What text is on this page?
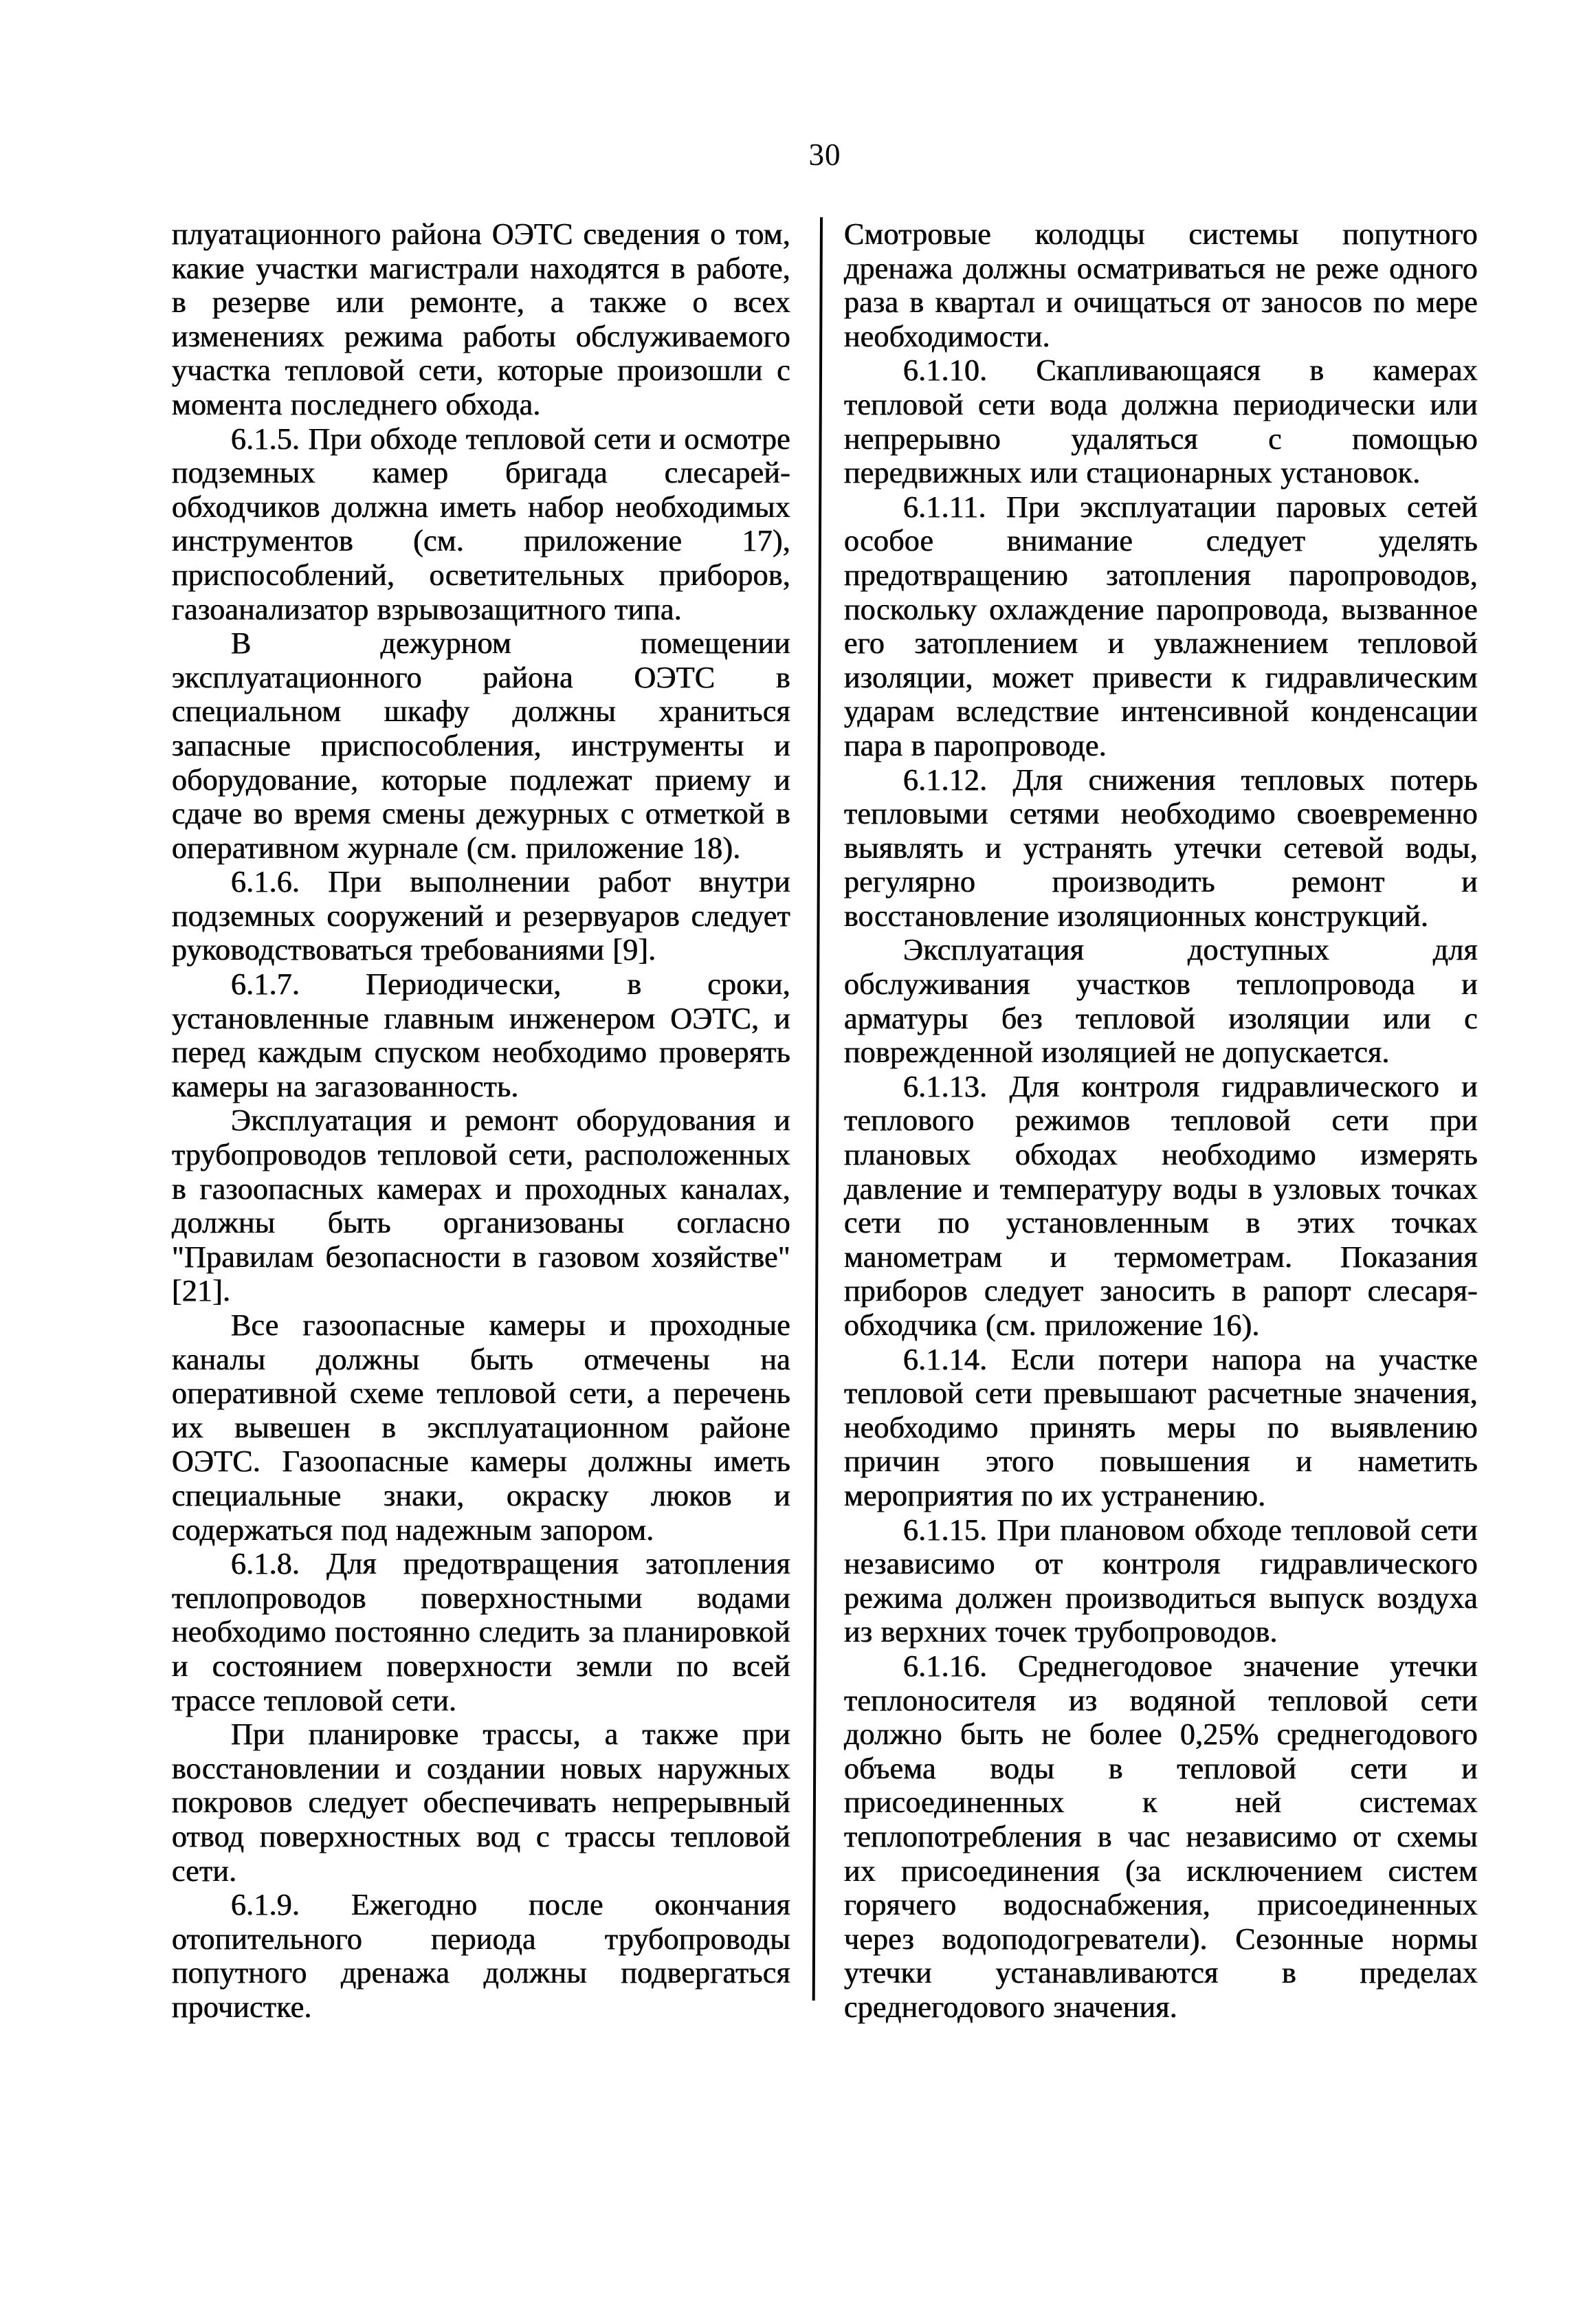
30

плуатационного района ОЭТС сведения о том, какие участки магистрали находятся в работе, в резерве или ремонте, а также о всех изменениях режима работы обслуживаемого участка тепловой сети, которые произошли с момента последнего обхода.

6.1.5. При обходе тепловой сети и осмотре подземных камер бригада слесарей-обходчиков должна иметь набор необходимых инструментов (см. приложение 17), приспособлений, осветительных приборов, газоанализатор взрывозащитного типа.

В дежурном помещении эксплуатационного района ОЭТС в специальном шкафу должны храниться запасные приспособления, инструменты и оборудование, которые подлежат приему и сдаче во время смены дежурных с отметкой в оперативном журнале (см. приложение 18).

6.1.6. При выполнении работ внутри подземных сооружений и резервуаров следует руководствоваться требованиями [9].

6.1.7. Периодически, в сроки, установленные главным инженером ОЭТС, и перед каждым спуском необходимо проверять камеры на загазованность.

Эксплуатация и ремонт оборудования и трубопроводов тепловой сети, расположенных в газоопасных камерах и проходных каналах, должны быть организованы согласно "Правилам безопасности в газовом хозяйстве" [21].

Все газоопасные камеры и проходные каналы должны быть отмечены на оперативной схеме тепловой сети, а перечень их вывешен в эксплуатационном районе ОЭТС. Газоопасные камеры должны иметь специальные знаки, окраску люков и содержаться под надежным запором.

6.1.8. Для предотвращения затопления теплопроводов поверхностными водами необходимо постоянно следить за планировкой и состоянием поверхности земли по всей трассе тепловой сети.

При планировке трассы, а также при восстановлении и создании новых наружных покровов следует обеспечивать непрерывный отвод поверхностных вод с трассы тепловой сети.

6.1.9. Ежегодно после окончания отопительного периода трубопроводы попутного дренажа должны подвергаться прочистке.

Смотровые колодцы системы попутного дренажа должны осматриваться не реже одного раза в квартал и очищаться от заносов по мере необходимости.

6.1.10. Скапливающаяся в камерах тепловой сети вода должна периодически или непрерывно удаляться с помощью передвижных или стационарных установок.

6.1.11. При эксплуатации паровых сетей особое внимание следует уделять предотвращению затопления паропроводов, поскольку охлаждение паропровода, вызванное его затоплением и увлажнением тепловой изоляции, может привести к гидравлическим ударам вследствие интенсивной конденсации пара в паропроводе.

6.1.12. Для снижения тепловых потерь тепловыми сетями необходимо своевременно выявлять и устранять утечки сетевой воды, регулярно производить ремонт и восстановление изоляционных конструкций.

Эксплуатация доступных для обслуживания участков теплопровода и арматуры без тепловой изоляции или с поврежденной изоляцией не допускается.

6.1.13. Для контроля гидравлического и теплового режимов тепловой сети при плановых обходах необходимо измерять давление и температуру воды в узловых точках сети по установленным в этих точках манометрам и термометрам. Показания приборов следует заносить в рапорт слесаря-обходчика (см. приложение 16).

6.1.14. Если потери напора на участке тепловой сети превышают расчетные значения, необходимо принять меры по выявлению причин этого повышения и наметить мероприятия по их устранению.

6.1.15. При плановом обходе тепловой сети независимо от контроля гидравлического режима должен производиться выпуск воздуха из верхних точек трубопроводов.

6.1.16. Среднегодовое значение утечки теплоносителя из водяной тепловой сети должно быть не более 0,25% среднегодового объема воды в тепловой сети и присоединенных к ней системах теплопотребления в час независимо от схемы их присоединения (за исключением систем горячего водоснабжения, присоединенных через водоподогреватели). Сезонные нормы утечки устанавливаются в пределах среднегодового значения.
